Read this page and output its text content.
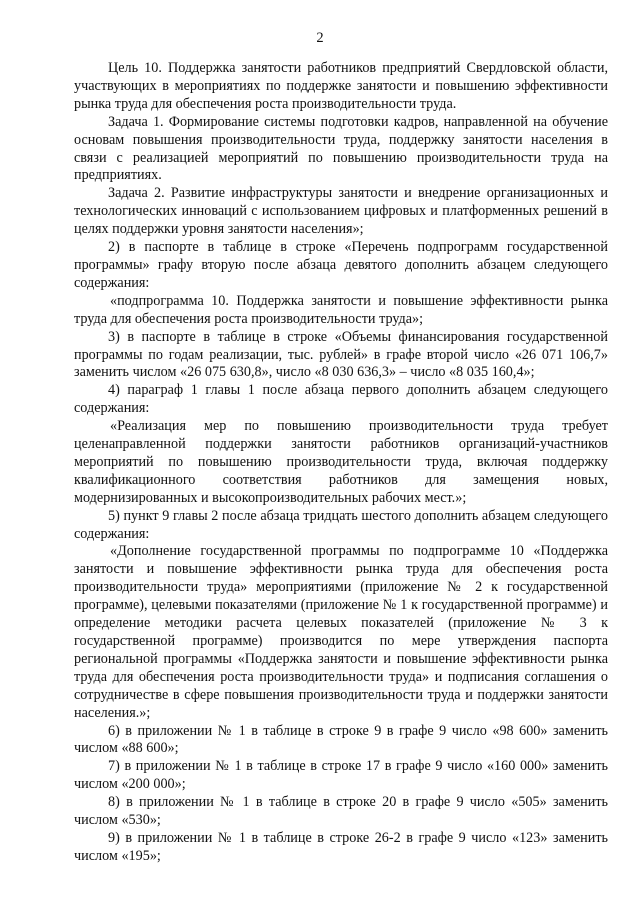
2

Цель 10. Поддержка занятости работников предприятий Свердловской области, участвующих в мероприятиях по поддержке занятости и повышению эффективности рынка труда для обеспечения роста производительности труда.

Задача 1. Формирование системы подготовки кадров, направленной на обучение основам повышения производительности труда, поддержку занятости населения в связи с реализацией мероприятий по повышению производительности труда на предприятиях.

Задача 2. Развитие инфраструктуры занятости и внедрение организационных и технологических инноваций с использованием цифровых и платформенных решений в целях поддержки уровня занятости населения»;

2) в паспорте в таблице в строке «Перечень подпрограмм государственной программы» графу вторую после абзаца девятого дополнить абзацем следующего содержания:

«подпрограмма 10. Поддержка занятости и повышение эффективности рынка труда для обеспечения роста производительности труда»;

3) в паспорте в таблице в строке «Объемы финансирования государственной программы по годам реализации, тыс. рублей» в графе второй число «26 071 106,7» заменить числом «26 075 630,8», число «8 030 636,3» – число «8 035 160,4»;

4) параграф 1 главы 1 после абзаца первого дополнить абзацем следующего содержания:

«Реализация мер по повышению производительности труда требует целенаправленной поддержки занятости работников организаций-участников мероприятий по повышению производительности труда, включая поддержку квалификационного соответствия работников для замещения новых, модернизированных и высокопроизводительных рабочих мест.»;

5) пункт 9 главы 2 после абзаца тридцать шестого дополнить абзацем следующего содержания:

«Дополнение государственной программы по подпрограмме 10 «Поддержка занятости и повышение эффективности рынка труда для обеспечения роста производительности труда» мероприятиями (приложение № 2 к государственной программе), целевыми показателями (приложение № 1 к государственной программе) и определение методики расчета целевых показателей (приложение № 3 к государственной программе) производится по мере утверждения паспорта региональной программы «Поддержка занятости и повышение эффективности рынка труда для обеспечения роста производительности труда» и подписания соглашения о сотрудничестве в сфере повышения производительности труда и поддержки занятости населения.»;

6) в приложении № 1 в таблице в строке 9 в графе 9 число «98 600» заменить числом «88 600»;

7) в приложении № 1 в таблице в строке 17 в графе 9 число «160 000» заменить числом «200 000»;

8) в приложении № 1 в таблице в строке 20 в графе 9 число «505» заменить числом «530»;

9) в приложении № 1 в таблице в строке 26-2 в графе 9 число «123» заменить числом «195»;
